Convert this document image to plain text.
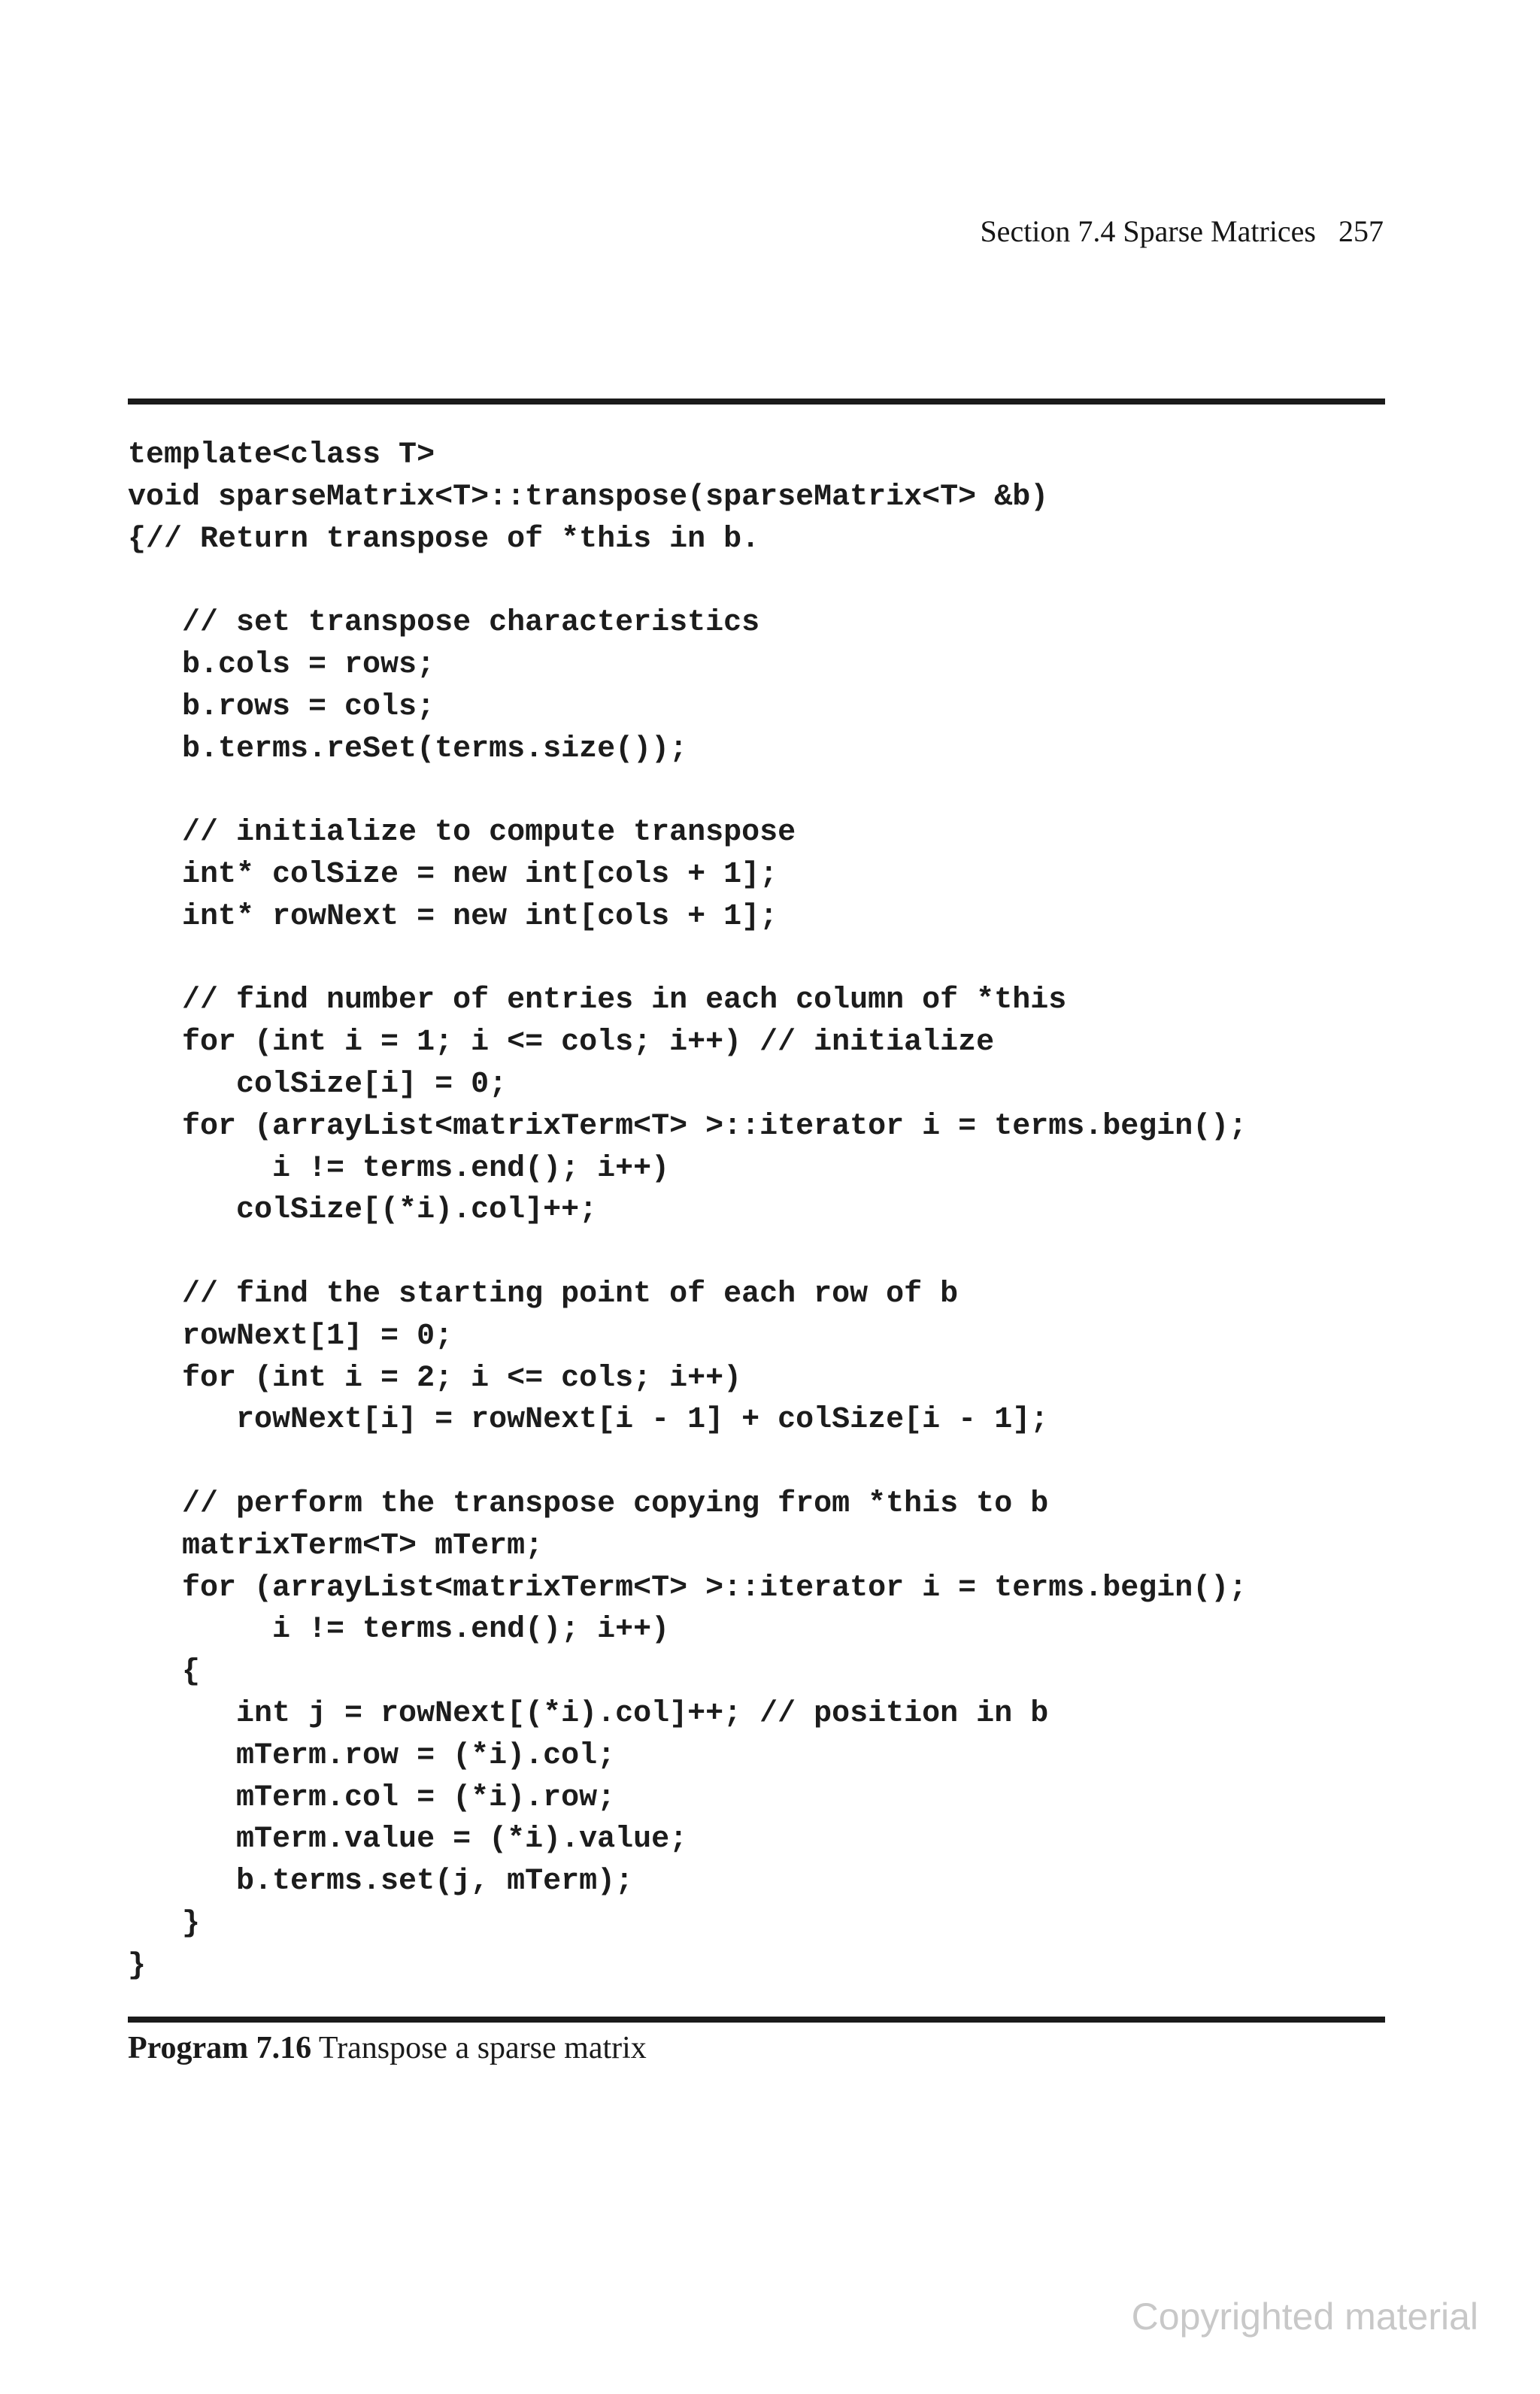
Section 7.4 Sparse Matrices 257
template<class T>
void sparseMatrix<T>::transpose(sparseMatrix<T> &b)
{// Return transpose of *this in b.
// set transpose characteristics
b.cols = rows;
b.rows = cols;
b.terms.reSet(terms.size());
// initialize to compute transpose
int* colSize = new int[cols + 1];
int* rowNext = new int[cols + 1];
// find number of entries in each column of *this
for (int i = 1; i <= cols; i++) // initialize
colSize[i] = 0;
for (arrayList<matrixTerm<T> >::iterator i = terms.begin();
i != terms.end(); i++)
colSize[(*i).col]++;
// find the starting point of each row of b
rowNext[1] = 0;
for (int i = 2; i <= cols; i++)
rowNext[i] = rowNext[i - 1] + colSize[i - 1];
// perform the transpose copying from *this to b
matrixTerm<T> mTerm;
for (arrayList<matrixTerm<T> >::iterator i = terms.begin();
i != terms.end(); i++)
{
int j = rowNext[(*i).col]++; // position in b
mTerm.row = (*i).col;
mTerm.col = (*i).row;
mTerm.value = (*i).value;
b.terms.set(j, mTerm);
}
}
Program 7.16 Transpose a sparse matrix
Copyrighted material
